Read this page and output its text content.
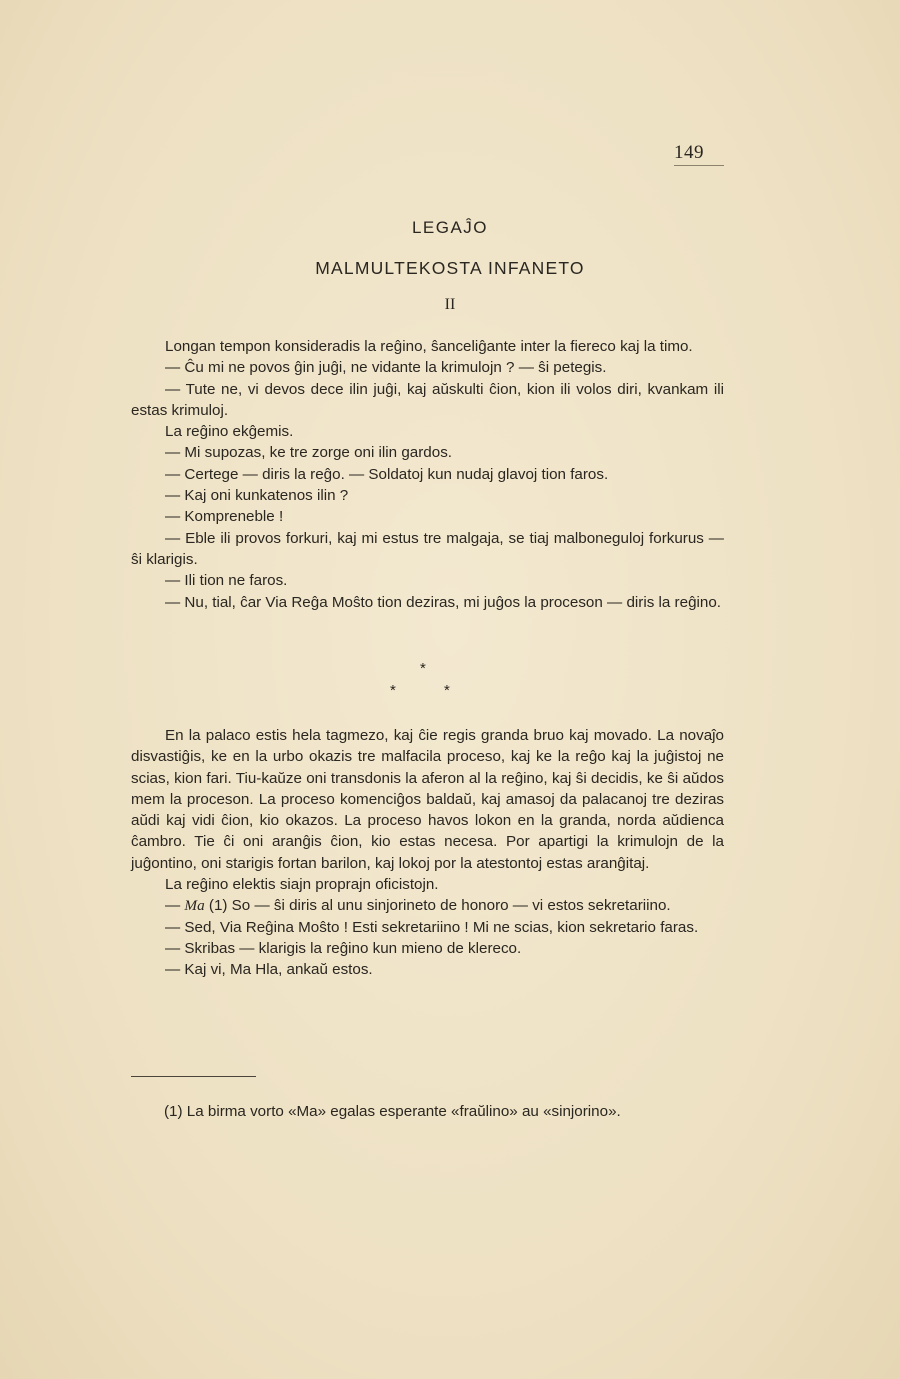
149
LEGAĴO
MALMULTEKOSTA INFANETO
II

Longan tempon konsideradis la reĝino, ŝanceliĝante inter la fiereco kaj la timo.

— Ĉu mi ne povos ĝin juĝi, ne vidante la krimulojn ? — ŝi petegis.

— Tute ne, vi devos dece ilin juĝi, kaj aŭskulti ĉion, kion ili volos diri, kvankam ili estas krimuloj.

La reĝino ekĝemis.

— Mi supozas, ke tre zorge oni ilin gardos.

— Certege — diris la reĝo. — Soldatoj kun nudaj glavoj tion faros.

— Kaj oni kunkatenos ilin ?

— Kompreneble !

— Eble ili provos forkuri, kaj mi estus tre malgaja, se tiaj malboneguloj forkurus — ŝi klarigis.

— Ili tion ne faros.

— Nu, tial, ĉar Via Reĝa Moŝto tion deziras, mi juĝos la proceson — diris la reĝino.

*
*	*

En la palaco estis hela tagmezo, kaj ĉie regis granda bruo kaj movado. La novaĵo disvastiĝis, ke en la urbo okazis tre malfacila proceso, kaj ke la reĝo kaj la juĝistoj ne scias, kion fari. Tiu-kaŭze oni transdonis la aferon al la reĝino, kaj ŝi decidis, ke ŝi aŭdos mem la proceson. La proceso komenciĝos baldaŭ, kaj amasoj da palacanoj tre deziras aŭdi kaj vidi ĉion, kio okazos. La proceso havos lokon en la granda, norda aŭdienca ĉambro. Tie ĉi oni aranĝis ĉion, kio estas necesa. Por apartigi la krimulojn de la juĝontino, oni starigis fortan barilon, kaj lokoj por la atestontoj estas aranĝitaj.

La reĝino elektis siajn proprajn oficistojn.

— Ma (1) So — ŝi diris al unu sinjorineto de honoro — vi estos sekretariino.

— Sed, Via Reĝina Moŝto ! Esti sekretariino ! Mi ne scias, kion sekretario faras.

— Skribas — klarigis la reĝino kun mieno de klereco.

— Kaj vi, Ma Hla, ankaŭ estos.

(1) La birma vorto «Ma» egalas esperante «fraŭlino» au «sinjorino».
